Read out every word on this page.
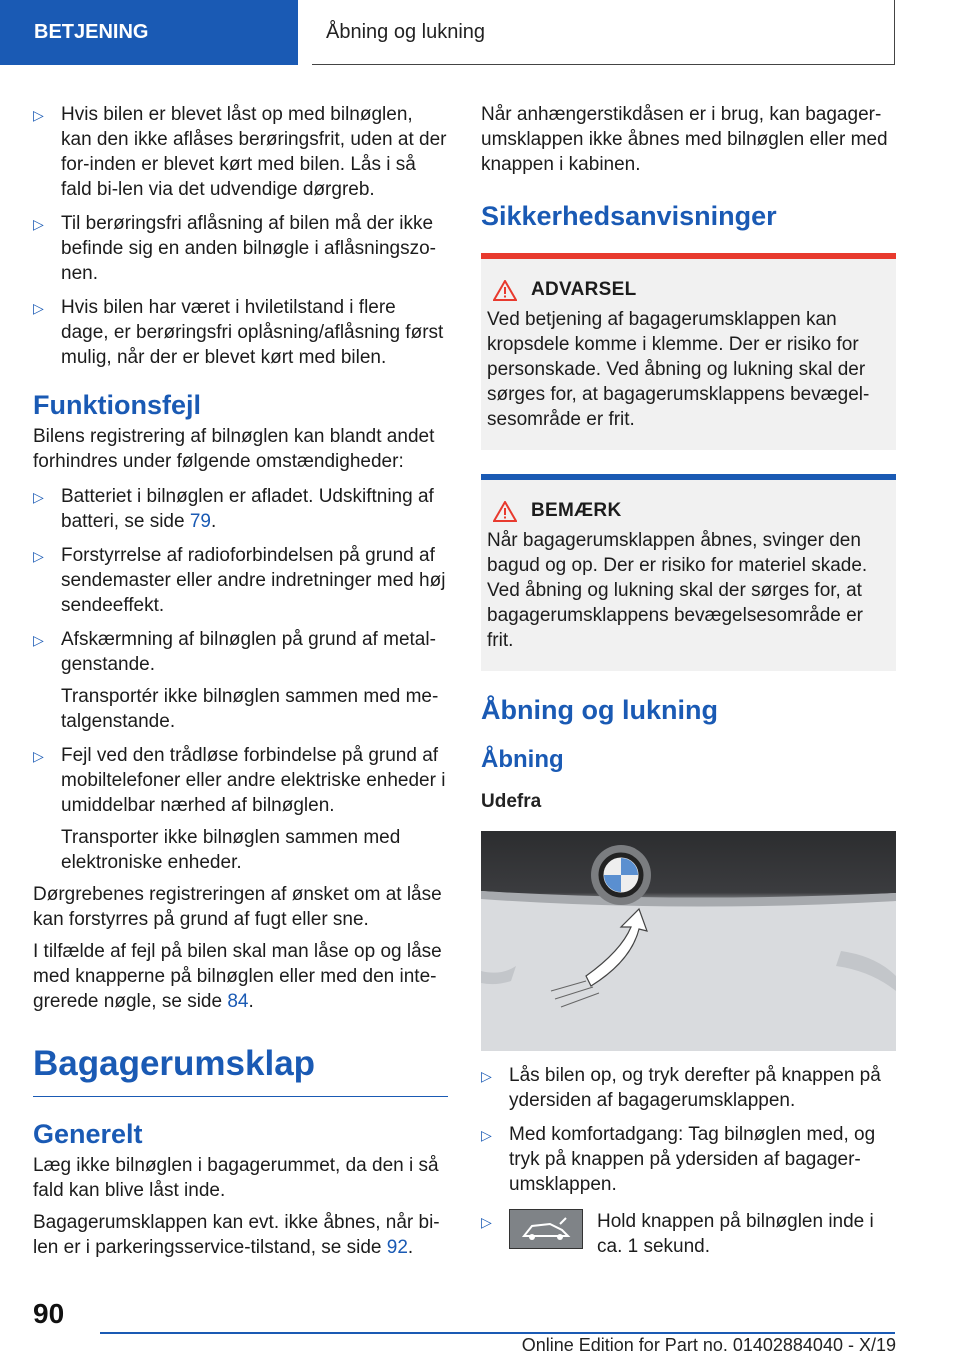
BETJENING	Åbning og lukning
▷ Hvis bilen er blevet låst op med bilnøglen, kan den ikke aflåses berøringsfrit, uden at der for-inden er blevet kørt med bilen. Lås i så fald bi-len via det udvendige dørgreb.
▷ Til berøringsfri aflåsning af bilen må der ikke befinde sig en anden bilnøgle i aflåsningszo-nen.
▷ Hvis bilen har været i hviletilstand i flere dage, er berøringsfri oplåsning/aflåsning først mulig, når der er blevet kørt med bilen.
Funktionsfejl
Bilens registrering af bilnøglen kan blandt andet forhindres under følgende omstændigheder:
▷ Batteriet i bilnøglen er afladet. Udskiftning af batteri, se side 79.
▷ Forstyrrelse af radioforbindelsen på grund af sendemaster eller andre indretninger med høj sendeeffekt.
▷ Afskærmning af bilnøglen på grund af metal-genstande.
Transportér ikke bilnøglen sammen med me-talgenstande.
▷ Fejl ved den trådløse forbindelse på grund af mobiltelefoner eller andre elektriske enheder i umiddelbar nærhed af bilnøglen.
Transporter ikke bilnøglen sammen med elektroniske enheder.
Dørgrebenes registreringen af ønsket om at låse kan forstyrres på grund af fugt eller sne.
I tilfælde af fejl på bilen skal man låse op og låse med knapperne på bilnøglen eller med den inte-grerede nøgle, se side 84.
Bagagerumsklap
Generelt
Læg ikke bilnøglen i bagagerummet, da den i så fald kan blive låst inde.
Bagagerumsklappen kan evt. ikke åbnes, når bi-len er i parkeringsservice-tilstand, se side 92.
Når anhængerstikdåsen er i brug, kan bagager-umsklappen ikke åbnes med bilnøglen eller med knappen i kabinen.
Sikkerhedsanvisninger
ADVARSEL
Ved betjening af bagagerumsklappen kan kropsdele komme i klemme. Der er risiko for personskade. Ved åbning og lukning skal der sørges for, at bagagerumsklappens bevægel-sesområde er frit.
BEMÆRK
Når bagagerumsklappen åbnes, svinger den bagud og op. Der er risiko for materiel skade. Ved åbning og lukning skal der sørges for, at bagagerumsklappens bevægelsesområde er frit.
Åbning og lukning
Åbning
Udefra
▷ Lås bilen op, og tryk derefter på knappen på ydersiden af bagagerumsklappen.
▷ Med komfortadgang: Tag bilnøglen med, og tryk på knappen på ydersiden af bagager-umsklappen.
▷	Hold knappen på bilnøglen inde i ca. 1 sekund.
90
Online Edition for Part no. 01402884040 - X/19
